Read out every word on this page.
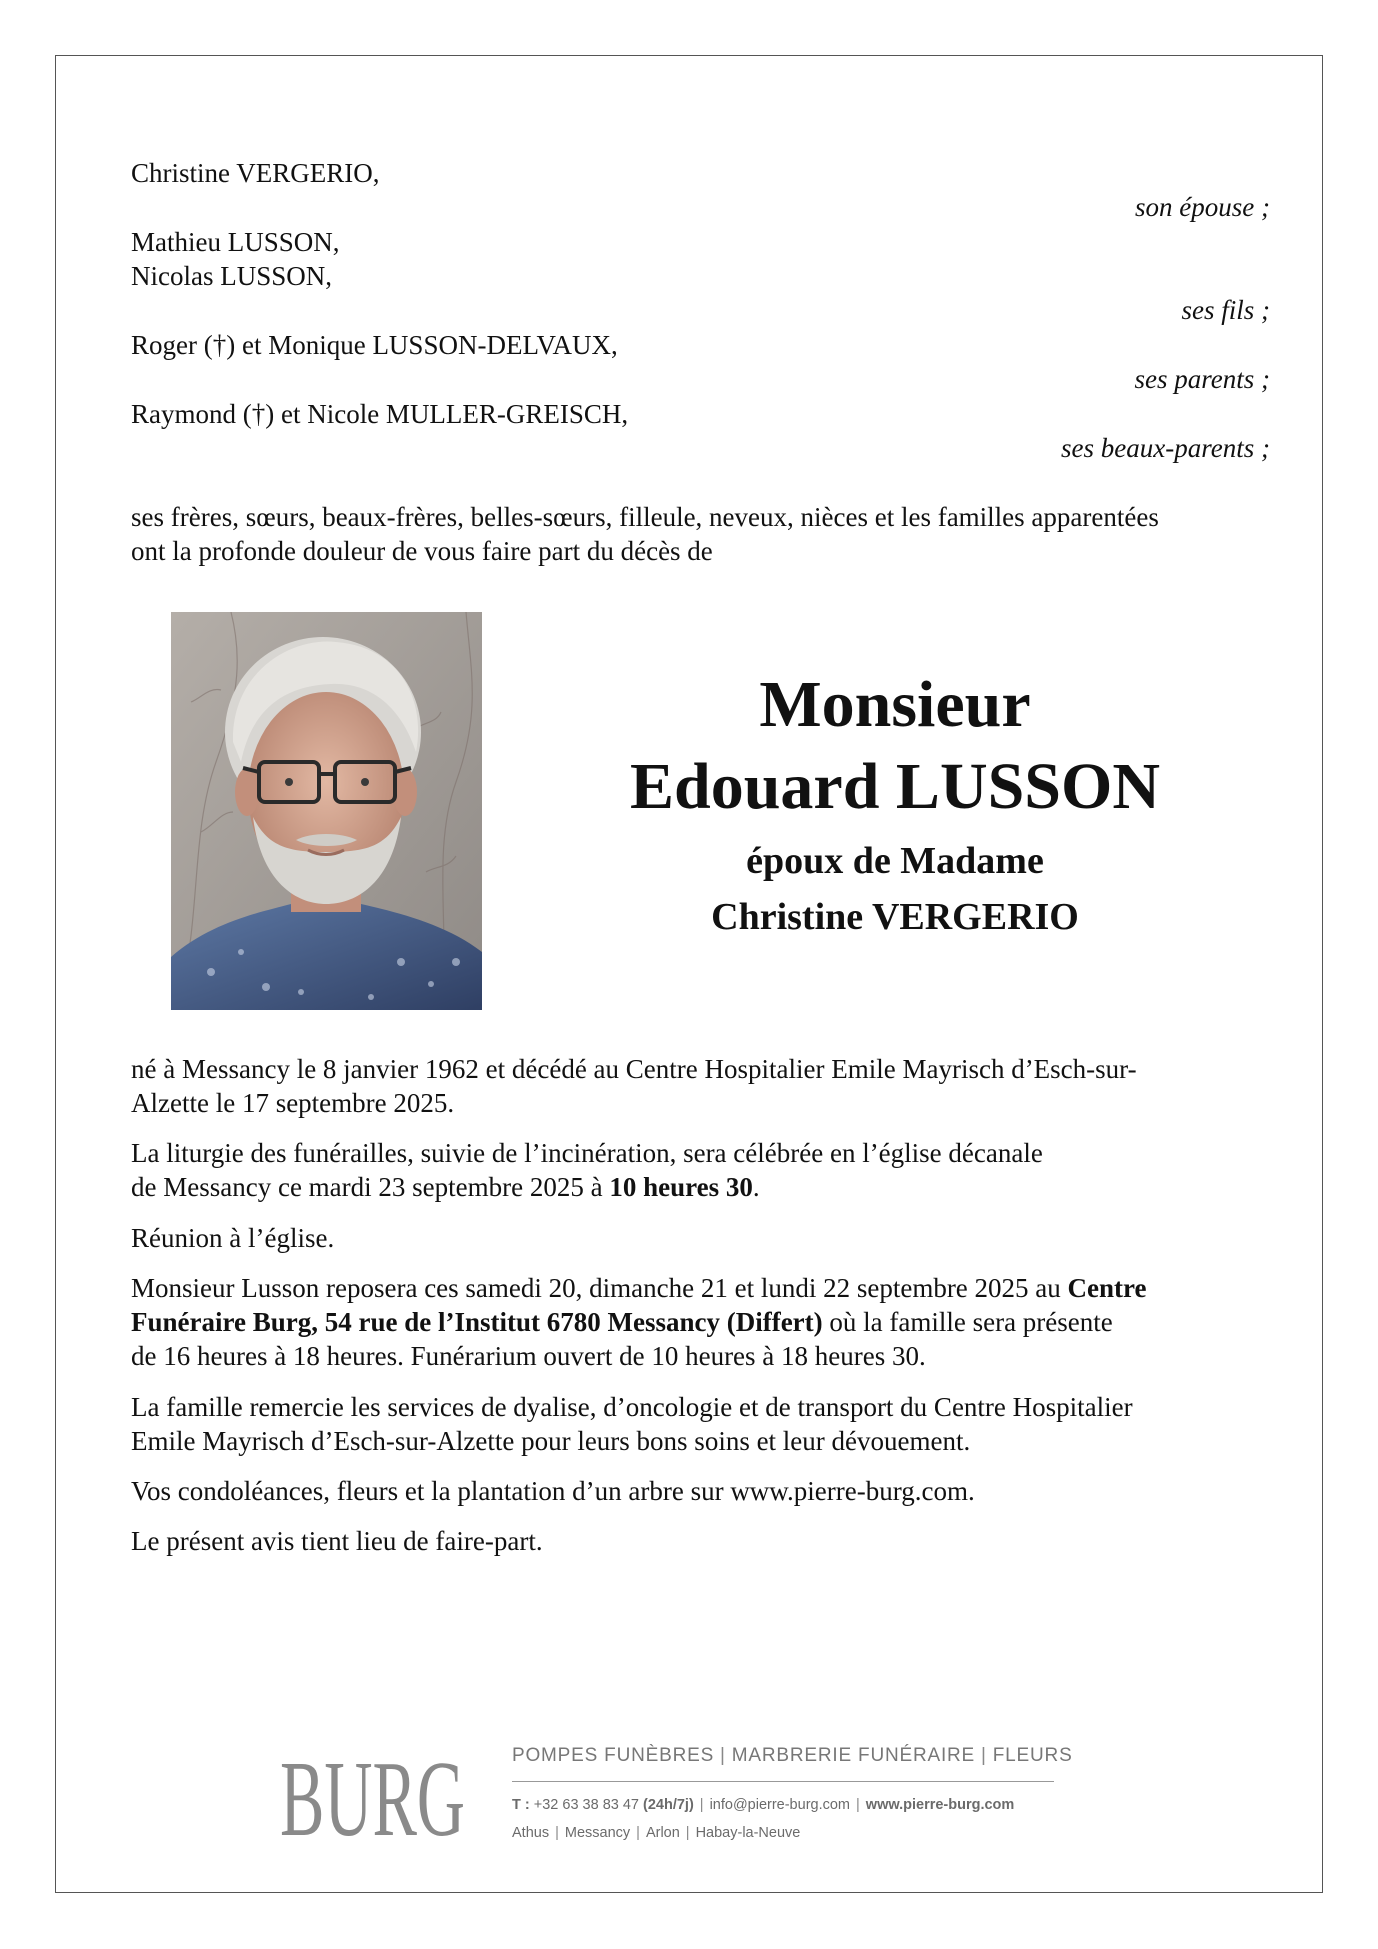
Christine VERGERIO,
son épouse ;
Mathieu LUSSON,
Nicolas LUSSON,
ses fils ;
Roger (†) et Monique LUSSON-DELVAUX,
ses parents ;
Raymond (†) et Nicole MULLER-GREISCH,
ses beaux-parents ;
ses frères, sœurs, beaux-frères, belles-sœurs, filleule, neveux, nièces et les familles apparentées
ont la profonde douleur de vous faire part du décès de
Monsieur
Edouard LUSSON
époux de Madame
Christine VERGERIO
né à Messancy le 8 janvier 1962 et décédé au Centre Hospitalier Emile Mayrisch d’Esch-sur-
Alzette le 17 septembre 2025.
La liturgie des funérailles, suivie de l’incinération, sera célébrée en l’église décanale
de Messancy ce mardi 23 septembre 2025 à 10 heures 30.
Réunion à l’église.
Monsieur Lusson reposera ces samedi 20, dimanche 21 et lundi 22 septembre 2025 au Centre
Funéraire Burg, 54 rue de l’Institut 6780 Messancy (Differt) où la famille sera présente
de 16 heures à 18 heures. Funérarium ouvert de 10 heures à 18 heures 30.
La famille remercie les services de dyalise, d’oncologie et de transport du Centre Hospitalier
Emile Mayrisch d’Esch-sur-Alzette pour leurs bons soins et leur dévouement.
Vos condoléances, fleurs et la plantation d’un arbre sur www.pierre-burg.com.
Le présent avis tient lieu de faire-part.
BURG POMPES FUNÈBRES | MARBRERIE FUNÉRAIRE | FLEURS
T : +32 63 38 83 47 (24h/7j) | info@pierre-burg.com | www.pierre-burg.com
Athus | Messancy | Arlon | Habay-la-Neuve
